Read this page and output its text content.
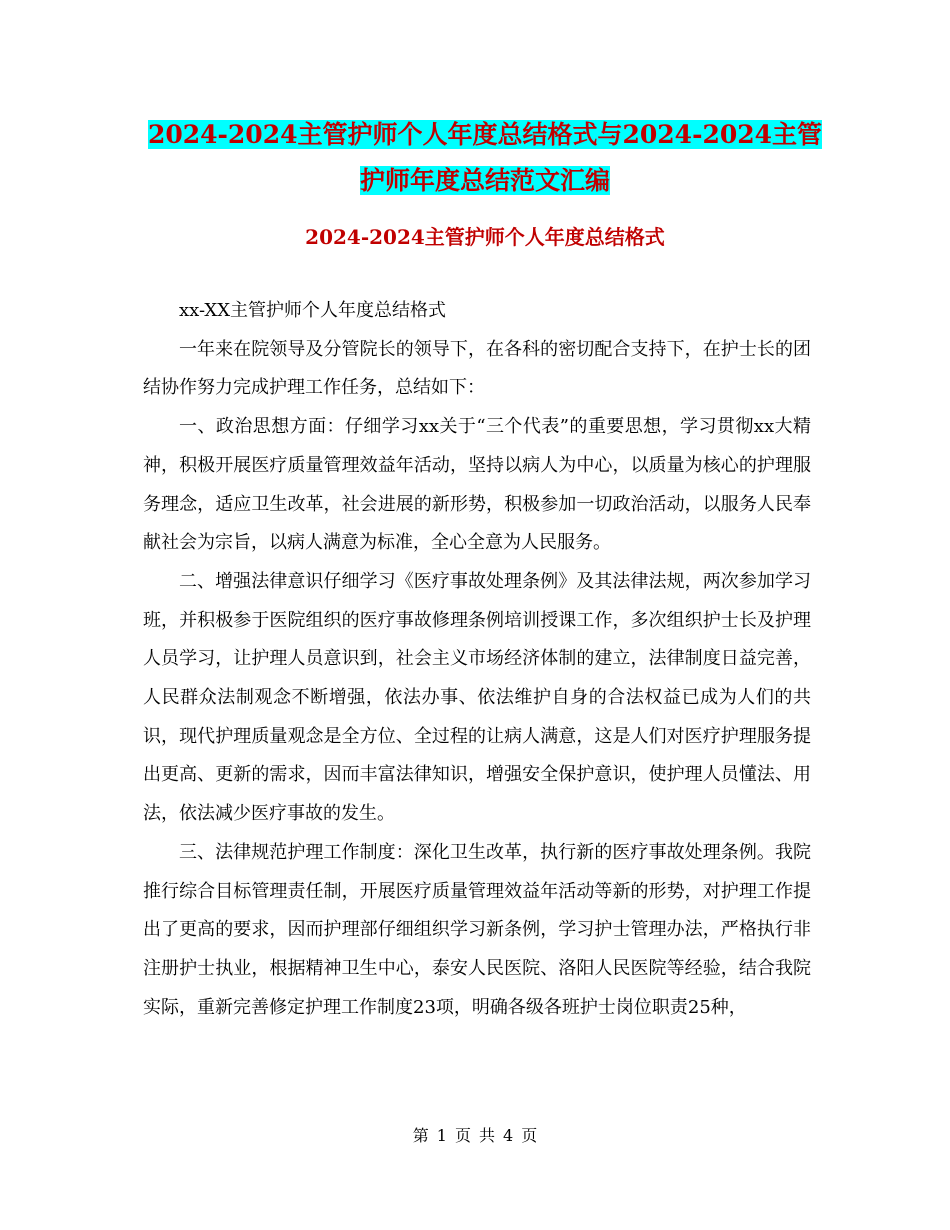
2024-2024主管护师个人年度总结格式与2024-2024主管护师年度总结范文汇编
2024-2024主管护师个人年度总结格式

xx-XX主管护师个人年度总结格式

一年来在院领导及分管院长的领导下，在各科的密切配合支持下，在护士长的团结协作努力完成护理工作任务，总结如下：

一、政治思想方面：仔细学习xx关于“三个代表”的重要思想，学习贯彻xx大精神，积极开展医疗质量管理效益年活动，坚持以病人为中心，以质量为核心的护理服务理念，适应卫生改革，社会进展的新形势，积极参加一切政治活动，以服务人民奉献社会为宗旨，以病人满意为标准，全心全意为人民服务。

二、增强法律意识仔细学习《医疗事故处理条例》及其法律法规，两次参加学习班，并积极参于医院组织的医疗事故修理条例培训授课工作，多次组织护士长及护理人员学习，让护理人员意识到，社会主义市场经济体制的建立，法律制度日益完善，人民群众法制观念不断增强，依法办事、依法维护自身的合法权益已成为人们的共识，现代护理质量观念是全方位、全过程的让病人满意，这是人们对医疗护理服务提出更高、更新的需求，因而丰富法律知识，增强安全保护意识，使护理人员懂法、用法，依法减少医疗事故的发生。

三、法律规范护理工作制度：深化卫生改革，执行新的医疗事故处理条例。我院推行综合目标管理责任制，开展医疗质量管理效益年活动等新的形势，对护理工作提出了更高的要求，因而护理部仔细组织学习新条例，学习护士管理办法，严格执行非注册护士执业，根据精神卫生中心，泰安人民医院、洛阳人民医院等经验，结合我院实际，重新完善修定护理工作制度23项，明确各级各班护士岗位职责25种，

第 1 页 共 4 页
